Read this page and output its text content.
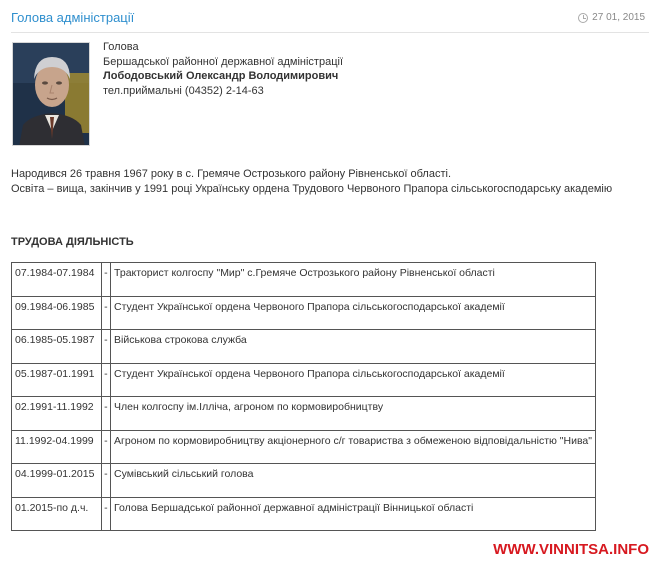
Голова адміністрації	27 01, 2015
Голова
Бершадської районної державної адміністрації
Лободовський Олександр Володимирович
тел.приймальні (04352) 2-14-63
Народився 26 травня 1967 року в с. Гремяче Острозького району Рівненської області.
Освіта – вища, закінчив у 1991 році Українську ордена Трудового Червоного Прапора сільськогосподарську академію
ТРУДОВА ДІЯЛЬНІСТЬ
07.1984-07.1984	-	Тракторист колгоспу "Мир" с.Гремяче Острозького району Рівненської області
09.1984-06.1985	-	Студент Української ордена Червоного Прапора сільськогосподарської академії
06.1985-05.1987	-	Військова строкова служба
05.1987-01.1991	-	Студент Української ордена Червоного Прапора сільськогосподарської академії
02.1991-11.1992	-	Член колгоспу ім.Ілліча, агроном по кормовиробництву
11.1992-04.1999	-	Агроном по кормовиробництву акціонерного с/г товариства з обмеженою відповідальністю "Нива"
04.1999-01.2015	-	Сумівський сільський голова
01.2015-по д.ч.	-	Голова Бершадської районної державної адміністрації Вінницької області
WWW.VINNITSA.INFO
